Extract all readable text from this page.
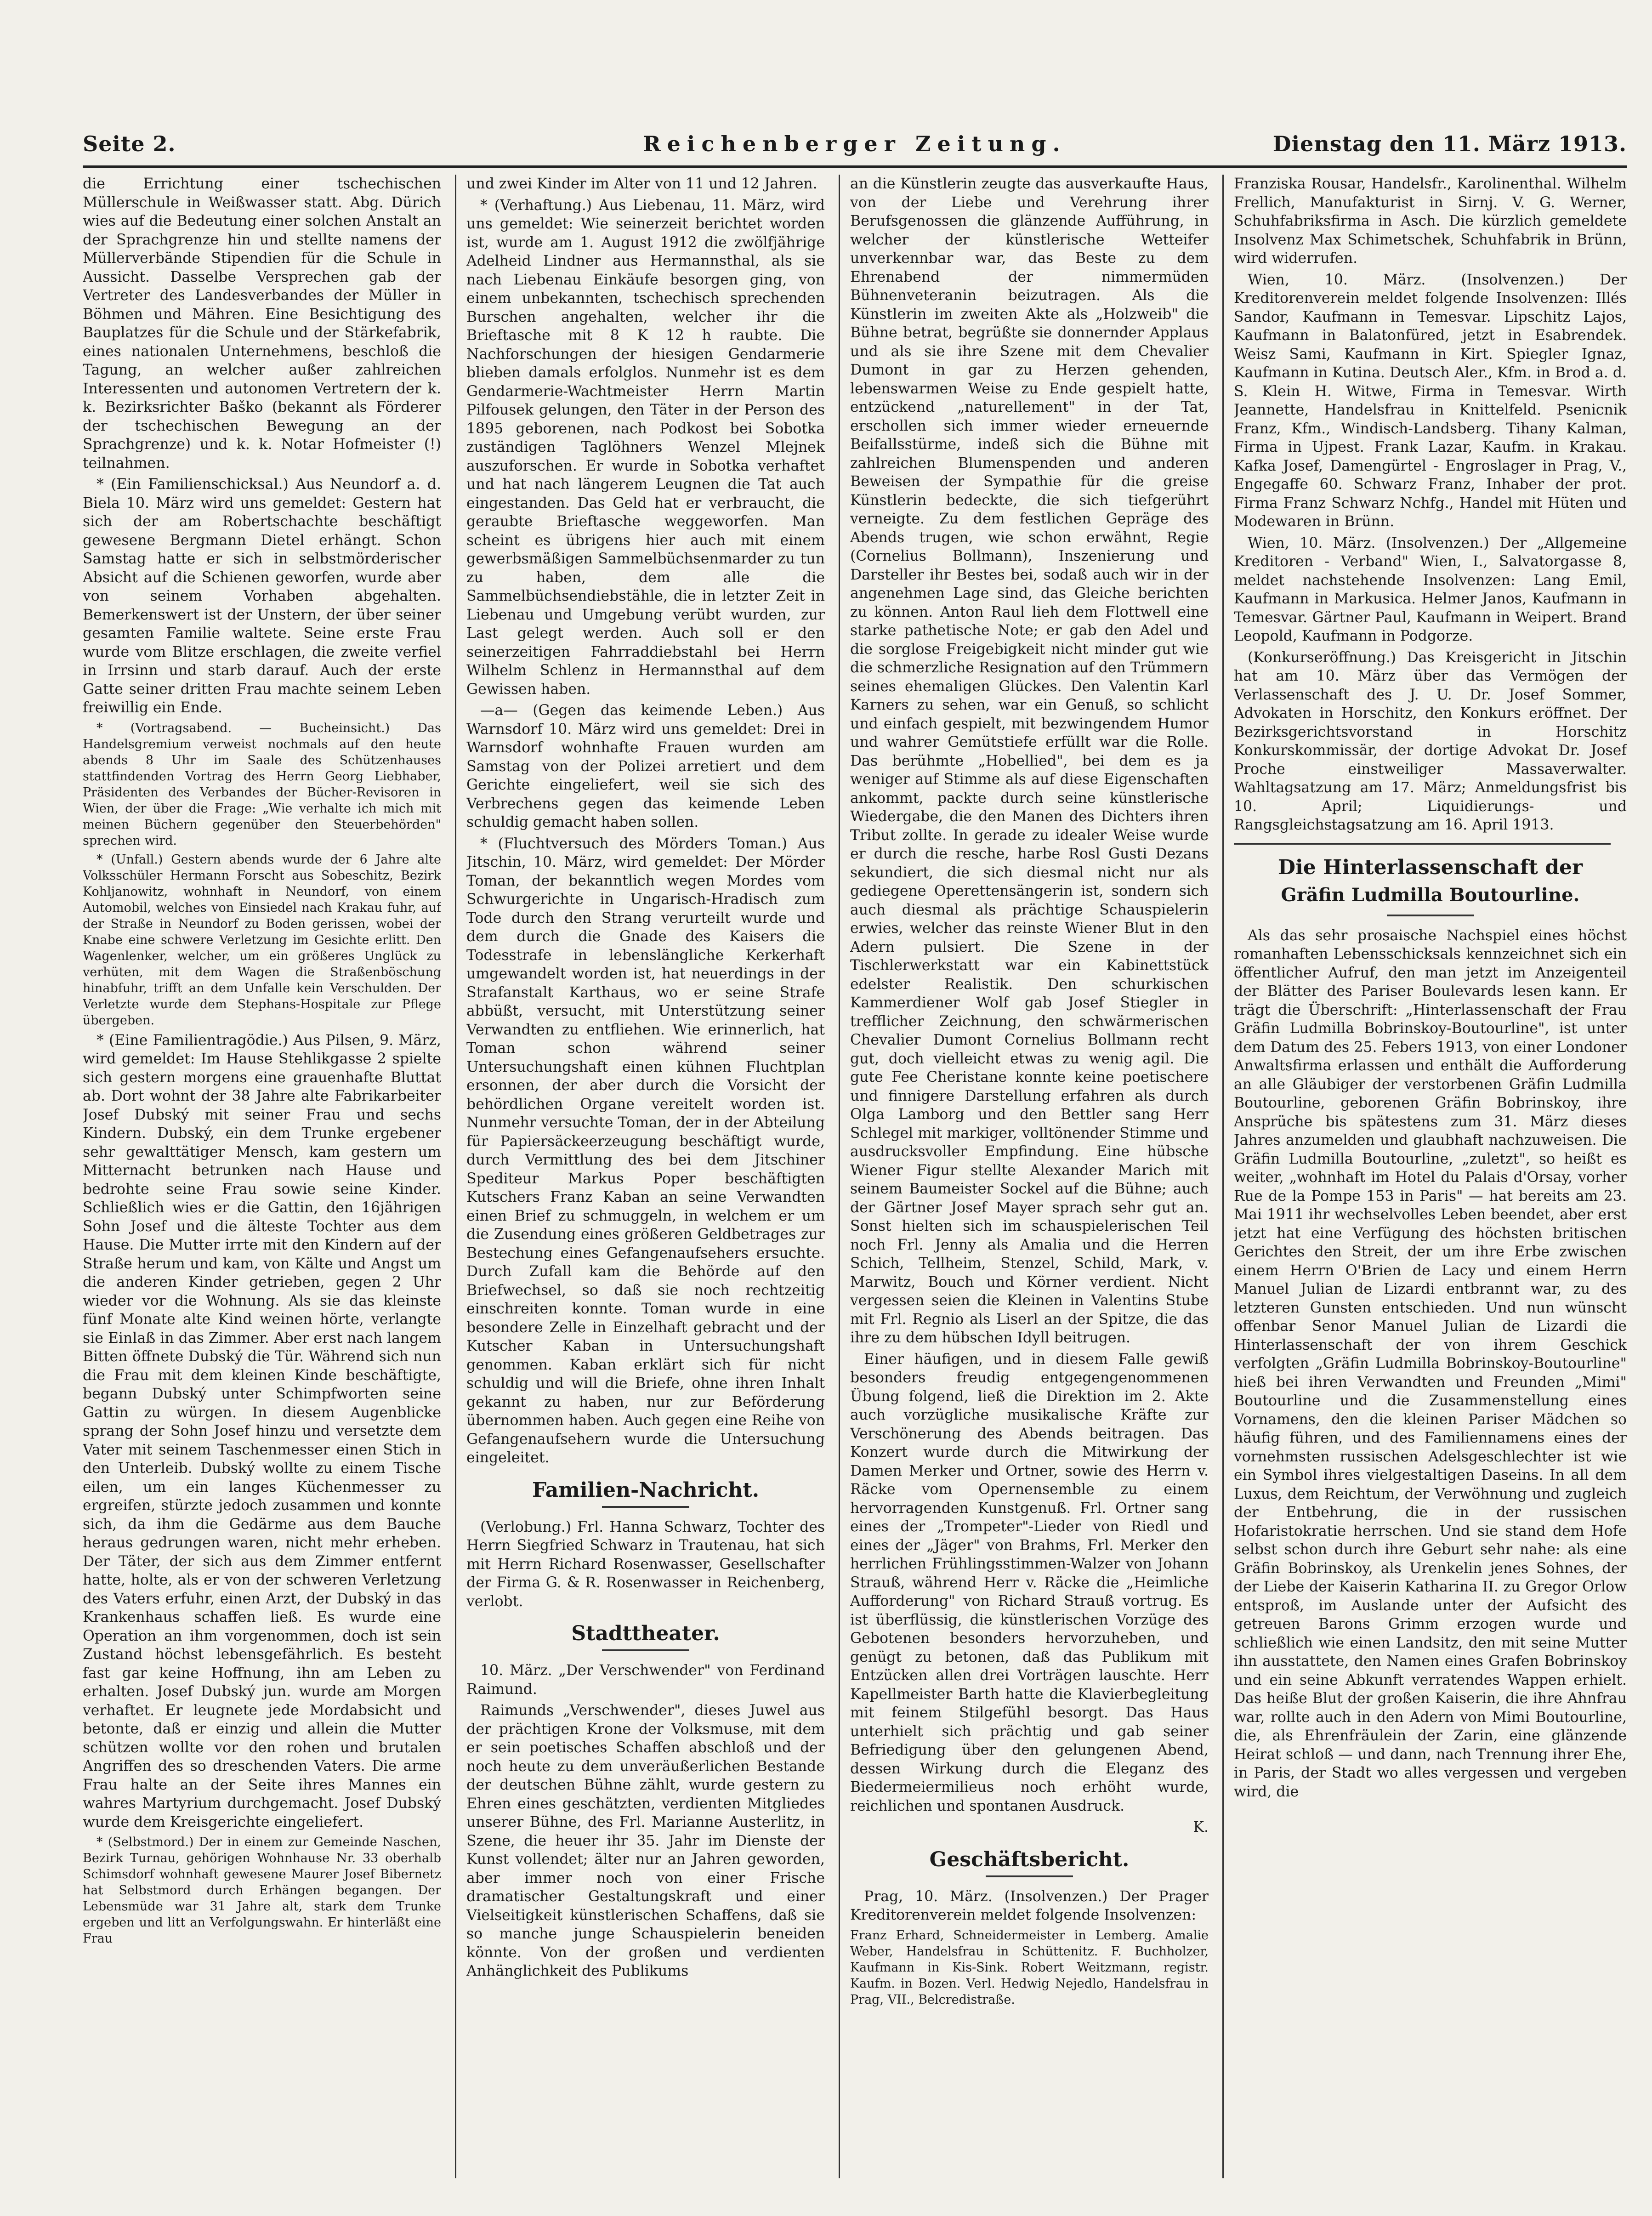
Seite 2.	Reichenberger Zeitung.	Dienstag den 11. März 1913.

die Errichtung einer tschechischen Müllerschule in Weißwasser statt. Abg. Dürich wies auf die Bedeutung einer solchen Anstalt an der Sprachgrenze hin und stellte namens der Müllerverbände Stipendien für die Schule in Aussicht. Dasselbe Versprechen gab der Vertreter des Landesverbandes der Müller in Böhmen und Mähren. Eine Besichtigung des Bauplatzes für die Schule und der Stärkefabrik, eines nationalen Unternehmens, beschloß die Tagung, an welcher außer zahlreichen Interessenten und autonomen Vertretern der k. k. Bezirksrichter Baško (bekannt als Förderer der tschechischen Bewegung an der Sprachgrenze) und k. k. Notar Hofmeister (!) teilnahmen.

* (Ein Familienschicksal.) Aus Neundorf a. d. Biela 10. März wird uns gemeldet: Gestern hat sich der am Robertschachte beschäftigt gewesene Bergmann Dietel erhängt. Schon Samstag hatte er sich in selbstmörderischer Absicht auf die Schienen geworfen, wurde aber von seinem Vorhaben abgehalten. Bemerkenswert ist der Unstern, der über seiner gesamten Familie waltete. Seine erste Frau wurde vom Blitze erschlagen, die zweite verfiel in Irrsinn und starb darauf. Auch der erste Gatte seiner dritten Frau machte seinem Leben freiwillig ein Ende.

* (Vortragsabend. — Bucheinsicht.) Das Handelsgremium verweist nochmals auf den heute abends 8 Uhr im Saale des Schützenhauses stattfindenden Vortrag des Herrn Georg Liebhaber, Präsidenten des Verbandes der Bücher-Revisoren in Wien, der über die Frage: „Wie verhalte ich mich mit meinen Büchern gegenüber den Steuerbehörden" sprechen wird.

* (Unfall.) Gestern abends wurde der 6 Jahre alte Volksschüler Hermann Forscht aus Sobeschitz, Bezirk Kohljanowitz, wohnhaft in Neundorf, von einem Automobil, welches von Einsiedel nach Krakau fuhr, auf der Straße in Neundorf zu Boden gerissen, wobei der Knabe eine schwere Verletzung im Gesichte erlitt. Den Wagenlenker, welcher, um ein größeres Unglück zu verhüten, mit dem Wagen die Straßenböschung hinabfuhr, trifft an dem Unfalle kein Verschulden. Der Verletzte wurde dem Stephans-Hospitale zur Pflege übergeben.

* (Eine Familientragödie.) Aus Pilsen, 9. März, wird gemeldet: Im Hause Stehlikgasse 2 spielte sich gestern morgens eine grauenhafte Bluttat ab. Dort wohnt der 38 Jahre alte Fabrikarbeiter Josef Dubský mit seiner Frau und sechs Kindern. Dubský, ein dem Trunke ergebener sehr gewalttätiger Mensch, kam gestern um Mitternacht betrunken nach Hause und bedrohte seine Frau sowie seine Kinder. Schließlich wies er die Gattin, den 16jährigen Sohn Josef und die älteste Tochter aus dem Hause. Die Mutter irrte mit den Kindern auf der Straße herum und kam, von Kälte und Angst um die anderen Kinder getrieben, gegen 2 Uhr wieder vor die Wohnung. Als sie das kleinste fünf Monate alte Kind weinen hörte, verlangte sie Einlaß in das Zimmer. Aber erst nach langem Bitten öffnete Dubský die Tür. Während sich nun die Frau mit dem kleinen Kinde beschäftigte, begann Dubský unter Schimpfworten seine Gattin zu würgen. In diesem Augenblicke sprang der Sohn Josef hinzu und versetzte dem Vater mit seinem Taschenmesser einen Stich in den Unterleib. Dubský wollte zu einem Tische eilen, um ein langes Küchenmesser zu ergreifen, stürzte jedoch zusammen und konnte sich, da ihm die Gedärme aus dem Bauche heraus gedrungen waren, nicht mehr erheben. Der Täter, der sich aus dem Zimmer entfernt hatte, holte, als er von der schweren Verletzung des Vaters erfuhr, einen Arzt, der Dubský in das Krankenhaus schaffen ließ. Es wurde eine Operation an ihm vorgenommen, doch ist sein Zustand höchst lebensgefährlich. Es besteht fast gar keine Hoffnung, ihn am Leben zu erhalten. Josef Dubský jun. wurde am Morgen verhaftet. Er leugnete jede Mordabsicht und betonte, daß er einzig und allein die Mutter schützen wollte vor den rohen und brutalen Angriffen des so dreschenden Vaters. Die arme Frau halte an der Seite ihres Mannes ein wahres Martyrium durchgemacht. Josef Dubský wurde dem Kreisgerichte eingeliefert.

* (Selbstmord.) Der in einem zur Gemeinde Naschen, Bezirk Turnau, gehörigen Wohnhause Nr. 33 oberhalb Schimsdorf wohnhaft gewesene Maurer Josef Bibernetz hat Selbstmord durch Erhängen begangen. Der Lebensmüde war 31 Jahre alt, stark dem Trunke ergeben und litt an Verfolgungswahn. Er hinterläßt eine Frau

und zwei Kinder im Alter von 11 und 12 Jahren.

* (Verhaftung.) Aus Liebenau, 11. März, wird uns gemeldet: Wie seinerzeit berichtet worden ist, wurde am 1. August 1912 die zwölfjährige Adelheid Lindner aus Hermannsthal, als sie nach Liebenau Einkäufe besorgen ging, von einem unbekannten, tschechisch sprechenden Burschen angehalten, welcher ihr die Brieftasche mit 8 K 12 h raubte. Die Nachforschungen der hiesigen Gendarmerie blieben damals erfolglos. Nunmehr ist es dem Gendarmerie-Wachtmeister Herrn Martin Pilfousek gelungen, den Täter in der Person des 1895 geborenen, nach Podkost bei Sobotka zuständigen Taglöhners Wenzel Mlejnek auszuforschen. Er wurde in Sobotka verhaftet und hat nach längerem Leugnen die Tat auch eingestanden. Das Geld hat er verbraucht, die geraubte Brieftasche weggeworfen. Man scheint es übrigens hier auch mit einem gewerbsmäßigen Sammelbüchsenmarder zu tun zu haben, dem alle die Sammelbüchsendiebstähle, die in letzter Zeit in Liebenau und Umgebung verübt wurden, zur Last gelegt werden. Auch soll er den seinerzeitigen Fahrraddiebstahl bei Herrn Wilhelm Schlenz in Hermannsthal auf dem Gewissen haben.

—a— (Gegen das keimende Leben.) Aus Warnsdorf 10. März wird uns gemeldet: Drei in Warnsdorf wohnhafte Frauen wurden am Samstag von der Polizei arretiert und dem Gerichte eingeliefert, weil sie sich des Verbrechens gegen das keimende Leben schuldig gemacht haben sollen.

* (Fluchtversuch des Mörders Toman.) Aus Jitschin, 10. März, wird gemeldet: Der Mörder Toman, der bekanntlich wegen Mordes vom Schwurgerichte in Ungarisch-Hradisch zum Tode durch den Strang verurteilt wurde und dem durch die Gnade des Kaisers die Todesstrafe in lebenslängliche Kerkerhaft umgewandelt worden ist, hat neuerdings in der Strafanstalt Karthaus, wo er seine Strafe abbüßt, versucht, mit Unterstützung seiner Verwandten zu entfliehen. Wie erinnerlich, hat Toman schon während seiner Untersuchungshaft einen kühnen Fluchtplan ersonnen, der aber durch die Vorsicht der behördlichen Organe vereitelt worden ist. Nunmehr versuchte Toman, der in der Abteilung für Papiersäckeerzeugung beschäftigt wurde, durch Vermittlung des bei dem Jitschiner Spediteur Markus Poper beschäftigten Kutschers Franz Kaban an seine Verwandten einen Brief zu schmuggeln, in welchem er um die Zusendung eines größeren Geldbetrages zur Bestechung eines Gefangenaufsehers ersuchte. Durch Zufall kam die Behörde auf den Briefwechsel, so daß sie noch rechtzeitig einschreiten konnte. Toman wurde in eine besondere Zelle in Einzelhaft gebracht und der Kutscher Kaban in Untersuchungshaft genommen. Kaban erklärt sich für nicht schuldig und will die Briefe, ohne ihren Inhalt gekannt zu haben, nur zur Beförderung übernommen haben. Auch gegen eine Reihe von Gefangenaufsehern wurde die Untersuchung eingeleitet.

Familien-Nachricht.

(Verlobung.) Frl. Hanna Schwarz, Tochter des Herrn Siegfried Schwarz in Trautenau, hat sich mit Herrn Richard Rosenwasser, Gesellschafter der Firma G. & R. Rosenwasser in Reichenberg, verlobt.

Stadttheater.

10. März. „Der Verschwender" von Ferdinand Raimund.

Raimunds „Verschwender", dieses Juwel aus der prächtigen Krone der Volksmuse, mit dem er sein poetisches Schaffen abschloß und der noch heute zu dem unveräußerlichen Bestande der deutschen Bühne zählt, wurde gestern zu Ehren eines geschätzten, verdienten Mitgliedes unserer Bühne, des Frl. Marianne Austerlitz, in Szene, die heuer ihr 35. Jahr im Dienste der Kunst vollendet; älter nur an Jahren geworden, aber immer noch von einer Frische dramatischer Gestaltungskraft und einer Vielseitigkeit künstlerischen Schaffens, daß sie so manche junge Schauspielerin beneiden könnte. Von der großen und verdienten Anhänglichkeit des Publikums

an die Künstlerin zeugte das ausverkaufte Haus, von der Liebe und Verehrung ihrer Berufsgenossen die glänzende Aufführung, in welcher der künstlerische Wetteifer unverkennbar war, das Beste zu dem Ehrenabend der nimmermüden Bühnenveteranin beizutragen. Als die Künstlerin im zweiten Akte als „Holzweib" die Bühne betrat, begrüßte sie donnernder Applaus und als sie ihre Szene mit dem Chevalier Dumont in gar zu Herzen gehenden, lebenswarmen Weise zu Ende gespielt hatte, entzückend „naturellement" in der Tat, erschollen sich immer wieder erneuernde Beifallsstürme, indeß sich die Bühne mit zahlreichen Blumenspenden und anderen Beweisen der Sympathie für die greise Künstlerin bedeckte, die sich tiefgerührt verneigte. Zu dem festlichen Gepräge des Abends trugen, wie schon erwähnt, Regie (Cornelius Bollmann), Inszenierung und Darsteller ihr Bestes bei, sodaß auch wir in der angenehmen Lage sind, das Gleiche berichten zu können. Anton Raul lieh dem Flottwell eine starke pathetische Note; er gab den Adel und die sorglose Freigebigkeit nicht minder gut wie die schmerzliche Resignation auf den Trümmern seines ehemaligen Glückes. Den Valentin Karl Karners zu sehen, war ein Genuß, so schlicht und einfach gespielt, mit bezwingendem Humor und wahrer Gemütstiefe erfüllt war die Rolle. Das berühmte „Hobellied", bei dem es ja weniger auf Stimme als auf diese Eigenschaften ankommt, packte durch seine künstlerische Wiedergabe, die den Manen des Dichters ihren Tribut zollte. In gerade zu idealer Weise wurde er durch die resche, harbe Rosl Gusti Dezans sekundiert, die sich diesmal nicht nur als gediegene Operettensängerin ist, sondern sich auch diesmal als prächtige Schauspielerin erwies, welcher das reinste Wiener Blut in den Adern pulsiert. Die Szene in der Tischlerwerkstatt war ein Kabinettstück edelster Realistik. Den schurkischen Kammerdiener Wolf gab Josef Stiegler in trefflicher Zeichnung, den schwärmerischen Chevalier Dumont Cornelius Bollmann recht gut, doch vielleicht etwas zu wenig agil. Die gute Fee Cheristane konnte keine poetischere und finnigere Darstellung erfahren als durch Olga Lamborg und den Bettler sang Herr Schlegel mit markiger, volltönender Stimme und ausdrucksvoller Empfindung. Eine hübsche Wiener Figur stellte Alexander Marich mit seinem Baumeister Sockel auf die Bühne; auch der Gärtner Josef Mayer sprach sehr gut an. Sonst hielten sich im schauspielerischen Teil noch Frl. Jenny als Amalia und die Herren Schich, Tellheim, Stenzel, Schild, Mark, v. Marwitz, Bouch und Körner verdient. Nicht vergessen seien die Kleinen in Valentins Stube mit Frl. Regnio als Liserl an der Spitze, die das ihre zu dem hübschen Idyll beitrugen.

Einer häufigen, und in diesem Falle gewiß besonders freudig entgegengenommenen Übung folgend, ließ die Direktion im 2. Akte auch vorzügliche musikalische Kräfte zur Verschönerung des Abends beitragen. Das Konzert wurde durch die Mitwirkung der Damen Merker und Ortner, sowie des Herrn v. Räcke vom Opernensemble zu einem hervorragenden Kunstgenuß. Frl. Ortner sang eines der „Trompeter"-Lieder von Riedl und eines der „Jäger" von Brahms, Frl. Merker den herrlichen Frühlingsstimmen-Walzer von Johann Strauß, während Herr v. Räcke die „Heimliche Aufforderung" von Richard Strauß vortrug. Es ist überflüssig, die künstlerischen Vorzüge des Gebotenen besonders hervorzuheben, und genügt zu betonen, daß das Publikum mit Entzücken allen drei Vorträgen lauschte. Herr Kapellmeister Barth hatte die Klavierbegleitung mit feinem Stilgefühl besorgt. Das Haus unterhielt sich prächtig und gab seiner Befriedigung über den gelungenen Abend, dessen Wirkung durch die Eleganz des Biedermeiermilieus noch erhöht wurde, reichlichen und spontanen Ausdruck.

K.

Geschäftsbericht.

Prag, 10. März. (Insolvenzen.) Der Prager Kreditorenverein meldet folgende Insolvenzen:

Franz Erhard, Schneidermeister in Lemberg. Amalie Weber, Handelsfrau in Schüttenitz. F. Buchholzer, Kaufmann in Kis-Sink. Robert Weitzmann, registr. Kaufm. in Bozen. Verl. Hedwig Nejedlo, Handelsfrau in Prag, VII., Belcredistraße.

Franziska Rousar, Handelsfr., Karolinenthal. Wilhelm Frellich, Manufakturist in Sirnj. V. G. Werner, Schuhfabriksfirma in Asch. Die kürzlich gemeldete Insolvenz Max Schimetschek, Schuhfabrik in Brünn, wird widerrufen.

Wien, 10. März. (Insolvenzen.) Der Kreditorenverein meldet folgende Insolvenzen: Illés Sandor, Kaufmann in Temesvar. Lipschitz Lajos, Kaufmann in Balatonfüred, jetzt in Esabrendek. Weisz Sami, Kaufmann in Kirt. Spiegler Ignaz, Kaufmann in Kutina. Deutsch Aler., Kfm. in Brod a. d. S. Klein H. Witwe, Firma in Temesvar. Wirth Jeannette, Handelsfrau in Knittelfeld. Psenicnik Franz, Kfm., Windisch-Landsberg. Tihany Kalman, Firma in Ujpest. Frank Lazar, Kaufm. in Krakau. Kafka Josef, Damengürtel - Engroslager in Prag, V., Engegaffe 60. Schwarz Franz, Inhaber der prot. Firma Franz Schwarz Nchfg., Handel mit Hüten und Modewaren in Brünn.

Wien, 10. März. (Insolvenzen.) Der „Allgemeine Kreditoren - Verband" Wien, I., Salvatorgasse 8, meldet nachstehende Insolvenzen: Lang Emil, Kaufmann in Markusica. Helmer Janos, Kaufmann in Temesvar. Gärtner Paul, Kaufmann in Weipert. Brand Leopold, Kaufmann in Podgorze.

(Konkurseröffnung.) Das Kreisgericht in Jitschin hat am 10. März über das Vermögen der Verlassenschaft des J. U. Dr. Josef Sommer, Advokaten in Horschitz, den Konkurs eröffnet. Der Bezirksgerichtsvorstand in Horschitz Konkurskommissär, der dortige Advokat Dr. Josef Proche einstweiliger Massaverwalter. Wahltagsatzung am 17. März; Anmeldungsfrist bis 10. April; Liquidierungs- und Rangsgleichstagsatzung am 16. April 1913.

Die Hinterlassenschaft der
Gräfin Ludmilla Boutourline.

Als das sehr prosaische Nachspiel eines höchst romanhaften Lebensschicksals kennzeichnet sich ein öffentlicher Aufruf, den man jetzt im Anzeigenteil der Blätter des Pariser Boulevards lesen kann. Er trägt die Überschrift: „Hinterlassenschaft der Frau Gräfin Ludmilla Bobrinskoy-Boutourline", ist unter dem Datum des 25. Febers 1913, von einer Londoner Anwaltsfirma erlassen und enthält die Aufforderung an alle Gläubiger der verstorbenen Gräfin Ludmilla Boutourline, geborenen Gräfin Bobrinskoy, ihre Ansprüche bis spätestens zum 31. März dieses Jahres anzumelden und glaubhaft nachzuweisen. Die Gräfin Ludmilla Boutourline, „zuletzt", so heißt es weiter, „wohnhaft im Hotel du Palais d'Orsay, vorher Rue de la Pompe 153 in Paris" — hat bereits am 23. Mai 1911 ihr wechselvolles Leben beendet, aber erst jetzt hat eine Verfügung des höchsten britischen Gerichtes den Streit, der um ihre Erbe zwischen einem Herrn O'Brien de Lacy und einem Herrn Manuel Julian de Lizardi entbrannt war, zu des letzteren Gunsten entschieden. Und nun wünscht offenbar Senor Manuel Julian de Lizardi die Hinterlassenschaft der von ihrem Geschick verfolgten „Gräfin Ludmilla Bobrinskoy-Boutourline" hieß bei ihren Verwandten und Freunden „Mimi" Boutourline und die Zusammenstellung eines Vornamens, den die kleinen Pariser Mädchen so häufig führen, und des Familiennamens eines der vornehmsten russischen Adelsgeschlechter ist wie ein Symbol ihres vielgestaltigen Daseins. In all dem Luxus, dem Reichtum, der Verwöhnung und zugleich der Entbehrung, die in der russischen Hofaristokratie herrschen. Und sie stand dem Hofe selbst schon durch ihre Geburt sehr nahe: als eine Gräfin Bobrinskoy, als Urenkelin jenes Sohnes, der der Liebe der Kaiserin Katharina II. zu Gregor Orlow entsproß, im Auslande unter der Aufsicht des getreuen Barons Grimm erzogen wurde und schließlich wie einen Landsitz, den mit seine Mutter ihn ausstattete, den Namen eines Grafen Bobrinskoy und ein seine Abkunft verratendes Wappen erhielt. Das heiße Blut der großen Kaiserin, die ihre Ahnfrau war, rollte auch in den Adern von Mimi Boutourline, die, als Ehrenfräulein der Zarin, eine glänzende Heirat schloß — und dann, nach Trennung ihrer Ehe, in Paris, der Stadt wo alles vergessen und vergeben wird, die
